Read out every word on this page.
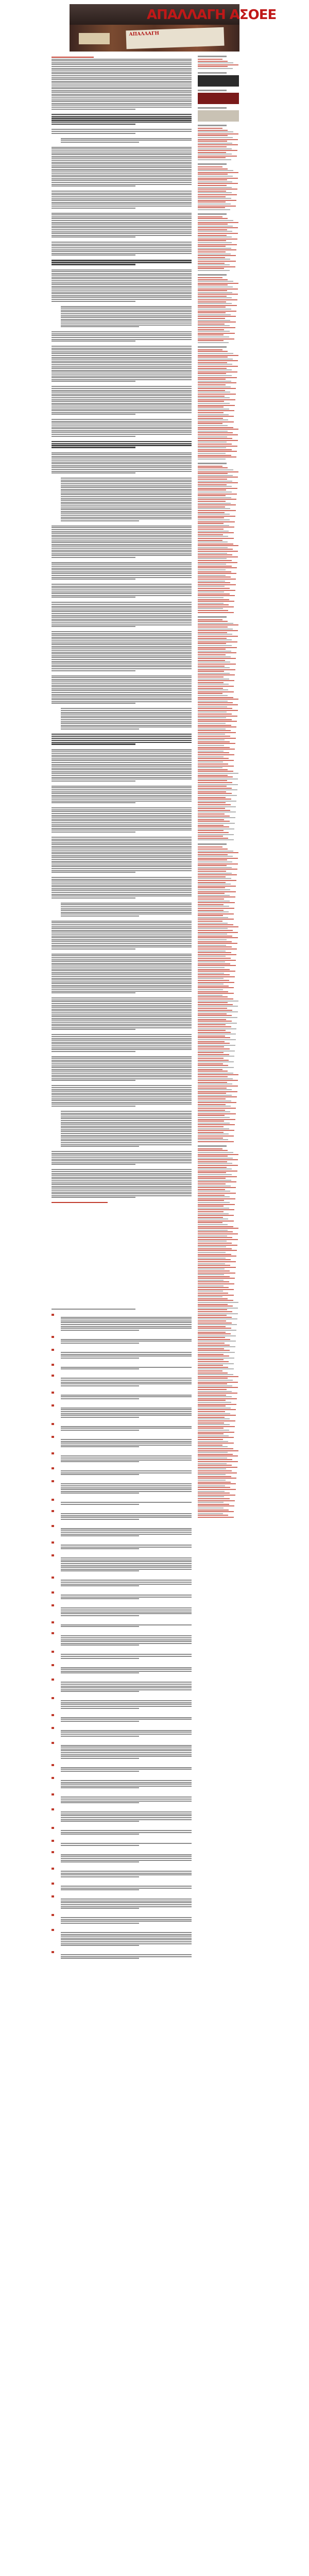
ΑΠΑΛΛΑΓΗ ΑΣΟΕΕ
ΑΠΑΛΛΑΓΗ
